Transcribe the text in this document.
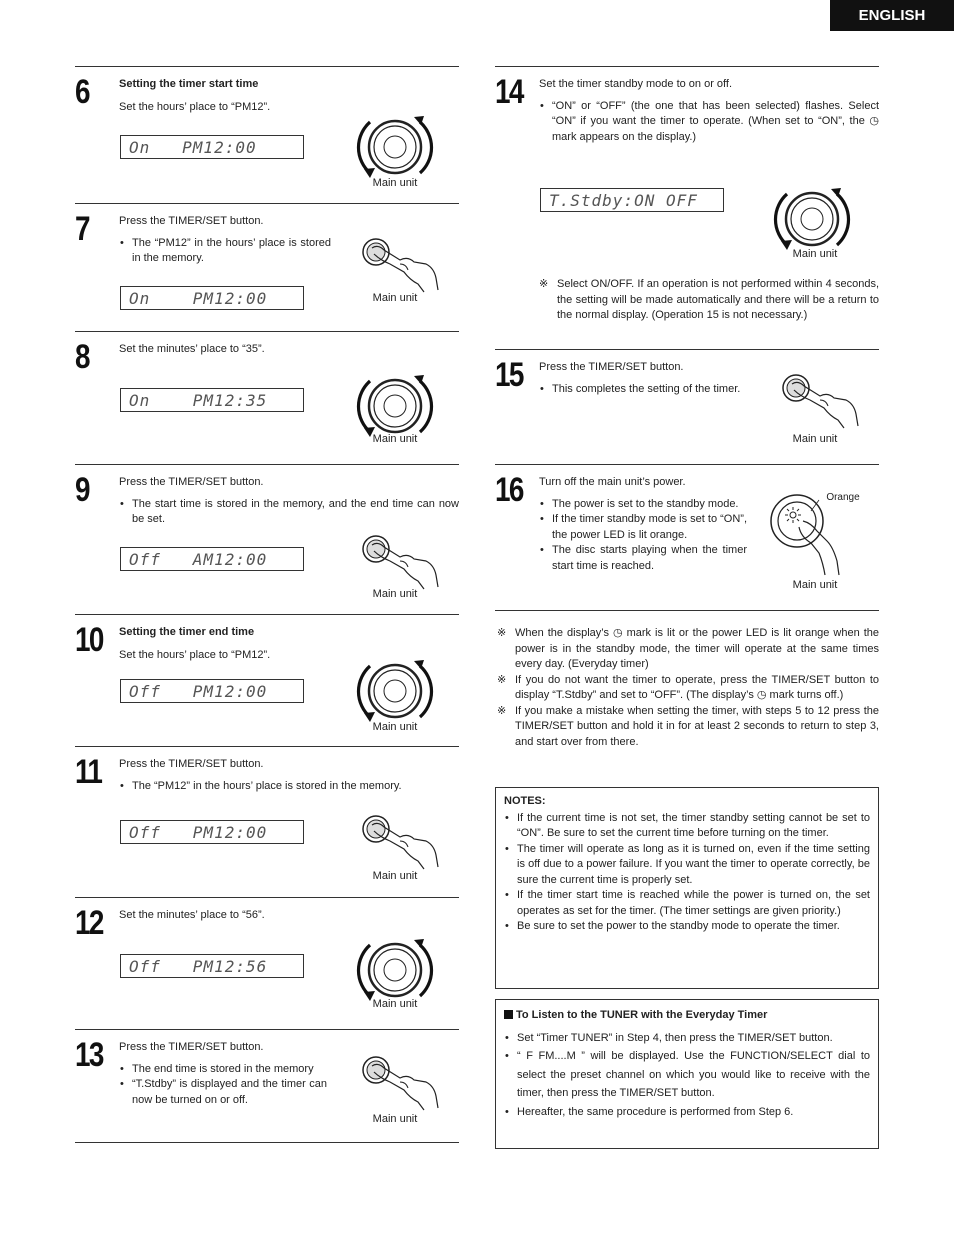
ENGLISH
6	Setting the timer start time

Set the hours’ place to “PM12”.

On   PM12:00
Main unit
7	Press the TIMER/SET button.

• The “PM12” in the hours’ place is stored in the memory.
On    PM12:00	Main unit
8	Set the minutes’ place to “35”.

On    PM12:35
Main unit
9	Press the TIMER/SET button.

• The start time is stored in the memory, and the end time can now be set.
Off   AM12:00
Main unit
10 Setting the timer end time

Set the hours’ place to “PM12”.

Off   PM12:00
Main unit
11 Press the TIMER/SET button.

• The “PM12” in the hours’ place is stored in the memory.
Off   PM12:00
Main unit
12 Set the minutes’ place to “56”.

Off   PM12:56
Main unit
13 Press the TIMER/SET button.

• The end time is stored in the memory
• “T.Stdby” is displayed and the timer can now be turned on or off.
Main unit
14 Set the timer standby mode to on or off.

• “ON” or “OFF” (the one that has been selected) flashes. Select “ON” if you want the timer to operate. (When set to “ON”, the ◷ mark appears on the display.)
T.Stdby:ON OFF
Main unit
※ Select ON/OFF. If an operation is not performed within 4 seconds, the setting will be made automatically and there will be a return to the normal display. (Operation 15 is not necessary.)
15 Press the TIMER/SET button.

• This completes the setting of the timer.
Main unit
16 Turn off the main unit’s power.

• The power is set to the standby mode.
• If the timer standby mode is set to “ON”, the power LED is lit orange.
• The disc starts playing when the timer start time is reached.
Orange
Main unit
※ When the display’s ◷ mark is lit or the power LED is lit orange when the power is in the standby mode, the timer will operate at the same times every day. (Everyday timer)
※ If you do not want the timer to operate, press the TIMER/SET button to display “T.Stdby” and set to “OFF”. (The display’s ◷ mark turns off.)
※ If you make a mistake when setting the timer, with steps 5 to 12 press the TIMER/SET button and hold it in for at least 2 seconds to return to step 3, and start over from there.
NOTES:
• If the current time is not set, the timer standby setting cannot be set to “ON”. Be sure to set the current time before turning on the timer.
• The timer will operate as long as it is turned on, even if the time setting is off due to a power failure. If you want the timer to operate correctly, be sure the current time is properly set.
• If the timer start time is reached while the power is turned on, the set operates as set for the timer. (The timer settings are given priority.)
• Be sure to set the power to the standby mode to operate the timer.
To Listen to the TUNER with the Everyday Timer
• Set “Timer TUNER” in Step 4, then press the TIMER/SET button.
• “ F FM....M ” will be displayed. Use the FUNCTION/SELECT dial to select the preset channel on which you would like to receive with the timer, then press the TIMER/SET button.
• Hereafter, the same procedure is performed from Step 6.
